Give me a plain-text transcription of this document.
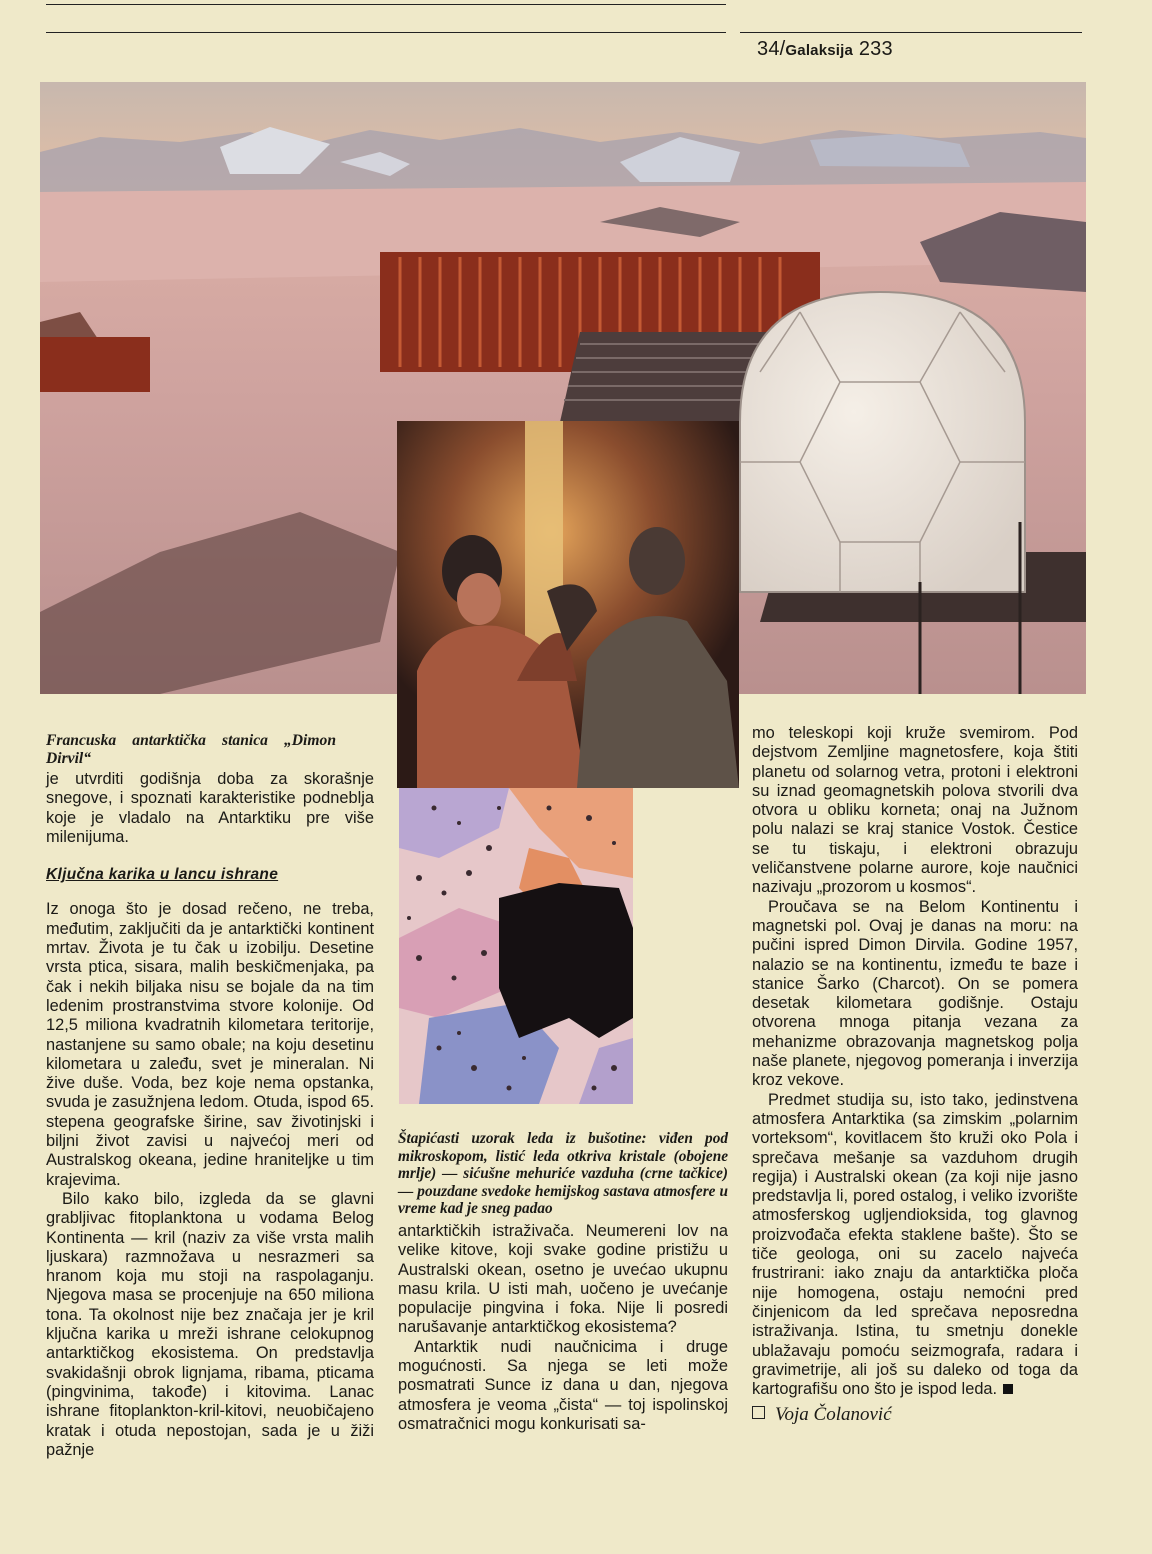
34/Galaksija 233
Francuska antarktička stanica „Dimon Dirvil“

je utvrditi godišnja doba za skorašnje snegove, i spoznati karakteristike podneblja koje je vladalo na Antarktiku pre više milenijuma.

Ključna karika u lancu ishrane

Iz onoga što je dosad rečeno, ne treba, međutim, zaključiti da je antarktički kontinent mrtav. Života je tu čak u izobilju. Desetine vrsta ptica, sisara, malih beskičmenjaka, pa čak i nekih biljaka nisu se bojale da na tim ledenim prostranstvima stvore kolonije. Od 12,5 miliona kvadratnih kilometara teritorije, nastanjene su samo obale; na koju desetinu kilometara u zaleđu, svet je mineralan. Ni žive duše. Voda, bez koje nema opstanka, svuda je zasužnjena ledom. Otuda, ispod 65. stepena geografske širine, sav životinjski i biljni život zavisi u najvećoj meri od Australskog okeana, jedine hraniteljke u tim krajevima.

Bilo kako bilo, izgleda da se glavni grabljivac fitoplanktona u vodama Belog Kontinenta — kril (naziv za više vrsta malih ljuskara) razmnožava u nesrazmeri sa hranom koja mu stoji na raspolaganju. Njegova masa se procenjuje na 650 miliona tona. Ta okolnost nije bez značaja jer je kril ključna karika u mreži ishrane celokupnog antarktičkog ekosistema. On predstavlja svakidašnji obrok lignjama, ribama, pticama (pingvinima, takođe) i kitovima. Lanac ishrane fitoplankton-kril-kitovi, neuobičajeno kratak i otuda nepostojan, sada je u žiži pažnje

Štapićasti uzorak leda iz bušotine: viđen pod mikroskopom, listić leda otkriva kristale (obojene mrlje) — sićušne mehuriće vazduha (crne tačkice) — pouzdane svedoke hemijskog sastava atmosfere u vreme kad je sneg padao

antarktičkih istraživača. Neumereni lov na velike kitove, koji svake godine pristižu u Australski okean, osetno je uvećao ukupnu masu krila. U isti mah, uočeno je uvećanje populacije pingvina i foka. Nije li posredi narušavanje antarktičkog ekosistema?

Antarktik nudi naučnicima i druge mogućnosti. Sa njega se leti može posmatrati Sunce iz dana u dan, njegova atmosfera je veoma „čista“ — toj ispolinskoj osmatračnici mogu konkurisati sa-

mo teleskopi koji kruže svemirom. Pod dejstvom Zemljine magnetosfere, koja štiti planetu od solarnog vetra, protoni i elektroni su iznad geomagnetskih polova stvorili dva otvora u obliku korneta; onaj na Južnom polu nalazi se kraj stanice Vostok. Čestice se tu tiskaju, i elektroni obrazuju veličanstvene polarne aurore, koje naučnici nazivaju „prozorom u kosmos“.

Proučava se na Belom Kontinentu i magnetski pol. Ovaj je danas na moru: na pučini ispred Dimon Dirvila. Godine 1957, nalazio se na kontinentu, između te baze i stanice Šarko (Charcot). On se pomera desetak kilometara godišnje. Ostaju otvorena mnoga pitanja vezana za mehanizme obrazovanja magnetskog polja naše planete, njegovog pomeranja i inverzija kroz vekove.

Predmet studija su, isto tako, jedinstvena atmosfera Antarktika (sa zimskim „polarnim vorteksom“, kovitlacem što kruži oko Pola i sprečava mešanje sa vazduhom drugih regija) i Australski okean (za koji nije jasno predstavlja li, pored ostalog, i veliko izvorište atmosferskog ugljendioksida, tog glavnog proizvođača efekta staklene bašte). Što se tiče geologa, oni su zacelo najveća frustrirani: iako znaju da antarktička ploča nije homogena, ostaju nemoćni pred činjenicom da led sprečava neposredna istraživanja. Istina, tu smetnju donekle ublažavaju pomoću seizmografa, radara i gravimetrije, ali još su daleko od toga da kartografišu ono što je ispod leda.

Voja Čolanović
